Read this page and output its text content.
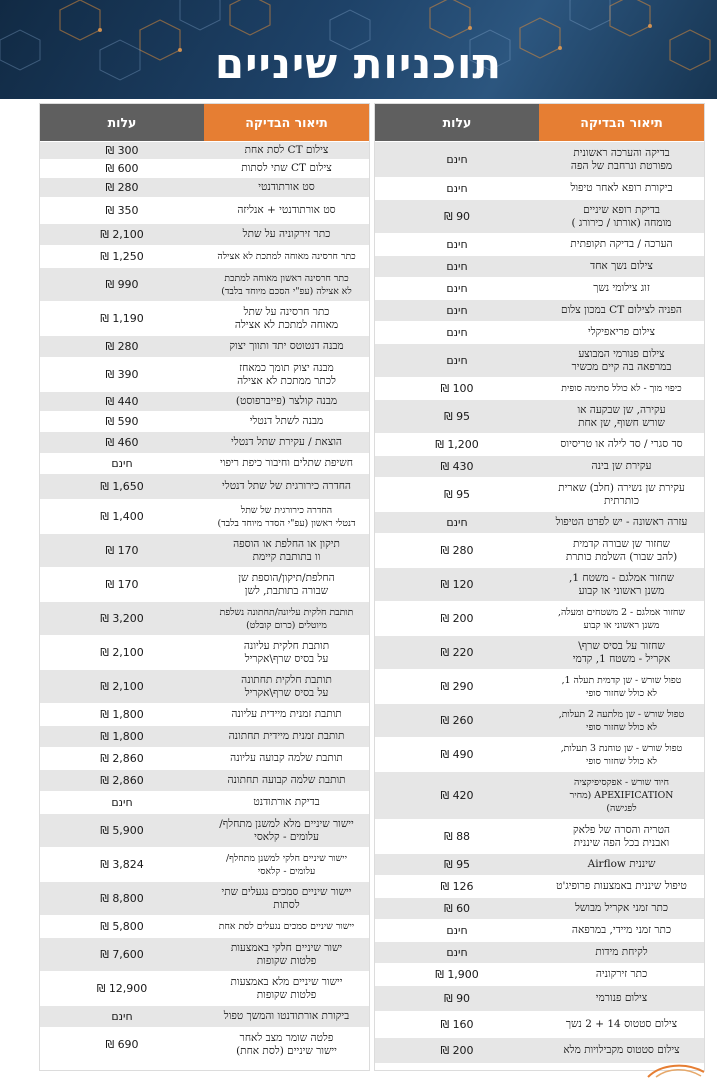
תוכניות שיניים
תיאור הבדיקה
עלות
בדיקה והערכה ראשונית
מפורטת ונרחבת של הפה
חינם
ביקורת רופא לאחר טיפול
חינם
בדיקת רופא שיניים
מומחה (אורתו / כירורג )
90 ₪
הערכה / בדיקה תקופתית
חינם
צילום נשך אחד
חינם
זוג צילומי נשך
חינם
הפניה לצילום CT במכון צלום
חינם
צילום פריאפיקלי
חינם
צילום פנורמי המבוצע
במרפאה בה קיים מכשיר
חינם
כיפוי מוך - לא כולל סתימה סופית
100 ₪
עקירה, שן שבקעה או
שורש חשוף, שן אחת
95 ₪
סד סגרי / סד לילה או טריסיוס
1,200 ₪
עקירת שן בינה
430 ₪
עקירת שן נשירה (חלב) שארית
כותרתית
95 ₪
עזרה ראשונה - יש לפרט הטיפול
חינם
שחזור שן שבורה קדמית
(להב שבור) השלמת כותרת
280 ₪
שחזור אמלגם - משטח 1,
משנן ראשוני או קבוע
120 ₪
שחזור אמלגם - 2 משטחים ומעלה,
משנן ראשוני או קבוע
200 ₪
שחזור על בסיס שרף\
אקריל - משטח 1, קדמי
220 ₪
טפול שורש - שן קדמית תעלה 1,
לא כולל שחזור סופי
290 ₪
טפול שורש - שן מלתעה 2 תעלות,
לא כולל שחזור סופי
260 ₪
טפול שורש - שן טוחנת 3 תעלות,
לא כולל שחזור סופי
490 ₪
חיוד שורש - אפקסיפיקציה
APEXIFICATION (מחיר
לפגישה)
420 ₪
הטריה והסרה של פלאק
ואבנית בכל הפה שיננית
88 ₪
שיננית Airflow
95 ₪
טיפול שיננית באמצעות פרופיג'ט
126 ₪
כתר זמני אקריל מבושל
60 ₪
כתר זמני מיידי, במרפאה
חינם
לקיחת מידות
חינם
כתר זירקוניה
1,900 ₪
צילום פנורמי
90 ₪
צילום סטטוס 14 + 2 נשך
160 ₪
צילום סטטוס מקבילויות מלא
200 ₪
תיאור הבדיקה
עלות
צילום CT לסת אחת
300 ₪
צילום CT שתי לסתות
600 ₪
סט אורתודנטי
280 ₪
סט אורתודנטי + אנליזה
350 ₪
כתר זירקוניה על שתל
2,100 ₪
כתר חרסינה מאוחה למתכת לא אצילה
1,250 ₪
כתר חרסינה ראשון מאוחה למתכת
לא אצילה (עפ"י הסכם מיוחד בלבד)
990 ₪
כתר חרסינה על שתל
מאוחה למתכת לא אצילה
1,190 ₪
מבנה דנטוטס יתד ותווך יצוק
280 ₪
מבנה יצוק תומך כמאחז
לכתר ממתכת לא אצילה
390 ₪
מבנה קולצר (פייברפוסט)
440 ₪
מבנה לשתל דנטלי
590 ₪
הוצאת / עקירת שתל דנטלי
460 ₪
חשיפת שתלים וחיבור כיפת ריפוי
חינם
החדרה כירורגית של שתל דנטלי
1,650 ₪
החדרה כירורגית של שתל
דנטלי ראשון (עפ"י הסדר מיוחד בלבד)
1,400 ₪
תיקון או החלפת או הוספה
וו בתותבת קיימת
170 ₪
החלפת/תיקון/הוספת שן
שבורה בתותבת, לשן
170 ₪
תותבת חלקית עליונה/תחתונה נשלפת
מיוטלים (כרום קובלט)
3,200 ₪
תותבת חלקית עליונה
על בסיס שרף\אקריל
2,100 ₪
תותבת חלקית תחתונה
על בסיס שרף\אקריל
2,100 ₪
תותבת זמנית מיידית עליונה
1,800 ₪
תותבת זמנית מיידית תחתונה
1,800 ₪
תותבת שלמה קבועה עליונה
2,860 ₪
תותבת שלמה קבועה תחתונה
2,860 ₪
בדיקת אורתודנט
חינם
יישור שיניים מלא למשנן מתחלף/
עלומים - קלאסי
5,900 ₪
יישור שיניים חלקי למשנן מתחלף/
עלומים - קלאסי
3,824 ₪
יישור שיניים סמכים נגעלים שתי
לסתות
8,800 ₪
יישור שיניים סמכים נגעלים לסת אחת
5,800 ₪
ישור שיניים חלקי באמצעות
פלטות שקופות
7,600 ₪
יישור שיניים מלא באמצעות
פלטות שקופות
12,900 ₪
ביקורת אורתודנטו והמשך טפול
חינם
פלטה שומר מצב לאחר
יישור שיניים (לסת אחת)
690 ₪
